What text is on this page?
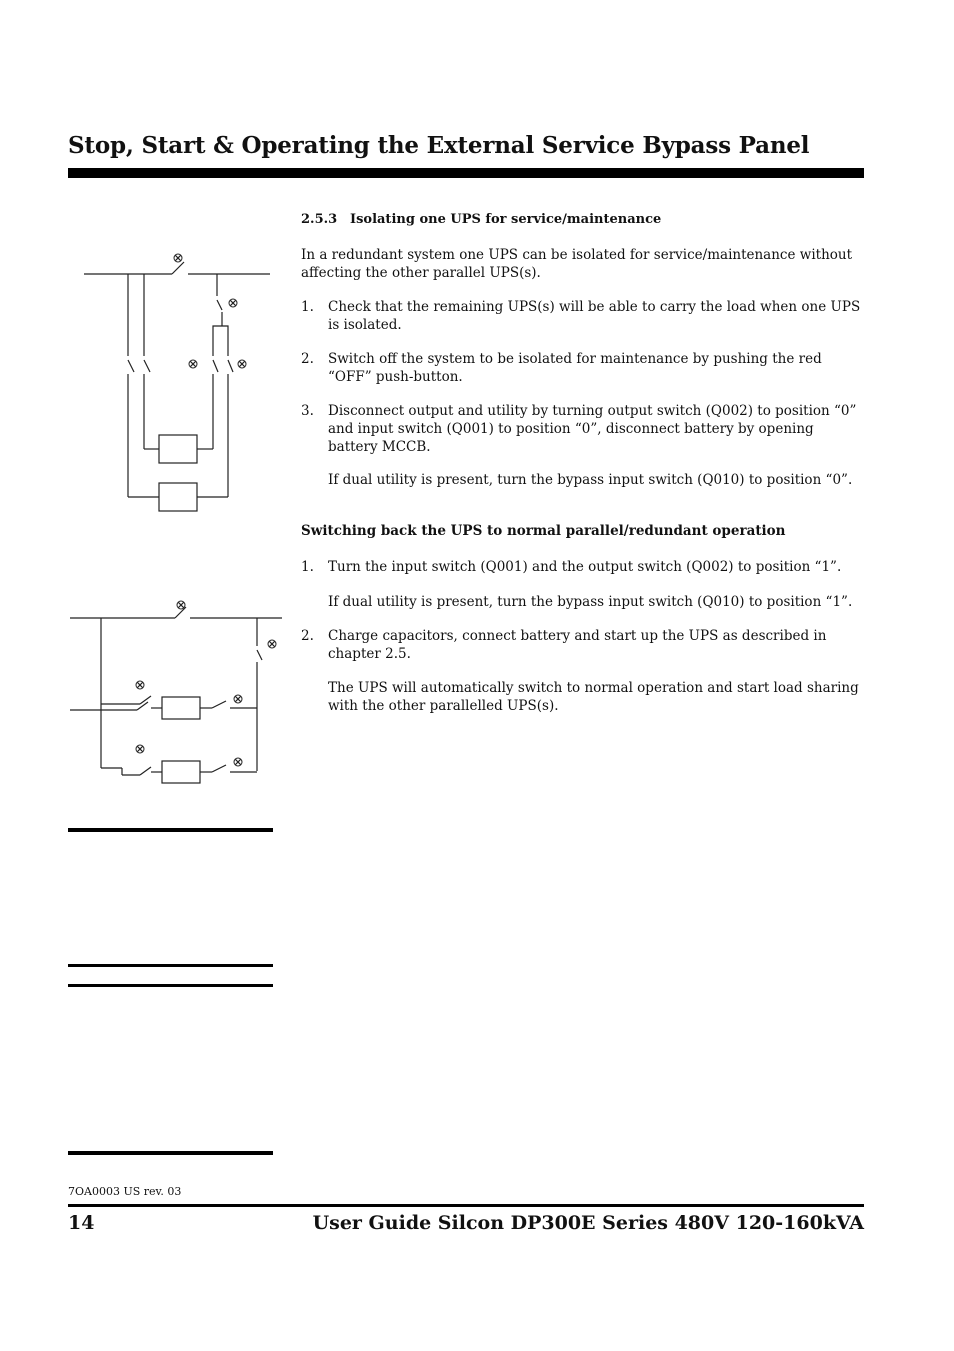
Stop, Start & Operating the External Service Bypass Panel
2.5.3 Isolating one UPS for service/maintenance
In a redundant system one UPS can be isolated for service/maintenance without affecting the other parallel UPS(s).
1.	Check that the remaining UPS(s) will be able to carry the load when one UPS is isolated.
2.	Switch off the system to be isolated for maintenance by pushing the red “OFF” push-button.
3.	Disconnect output and utility by turning output switch (Q002) to position “0” and input switch (Q001) to position “0”, disconnect battery by opening battery MCCB.
If dual utility is present, turn the bypass input switch (Q010) to position “0”.
Switching back the UPS to normal parallel/redundant operation
1.	Turn the input switch (Q001) and the output switch (Q002) to position “1”.
If dual utility is present, turn the bypass input switch (Q010) to position “1”.
2.	Charge capacitors, connect battery and start up the UPS as described in chapter 2.5.
The UPS will automatically switch to normal operation and start load sharing with the other parallelled UPS(s).
7OA0003 US rev. 03
14	User Guide Silcon DP300E Series 480V 120-160kVA
